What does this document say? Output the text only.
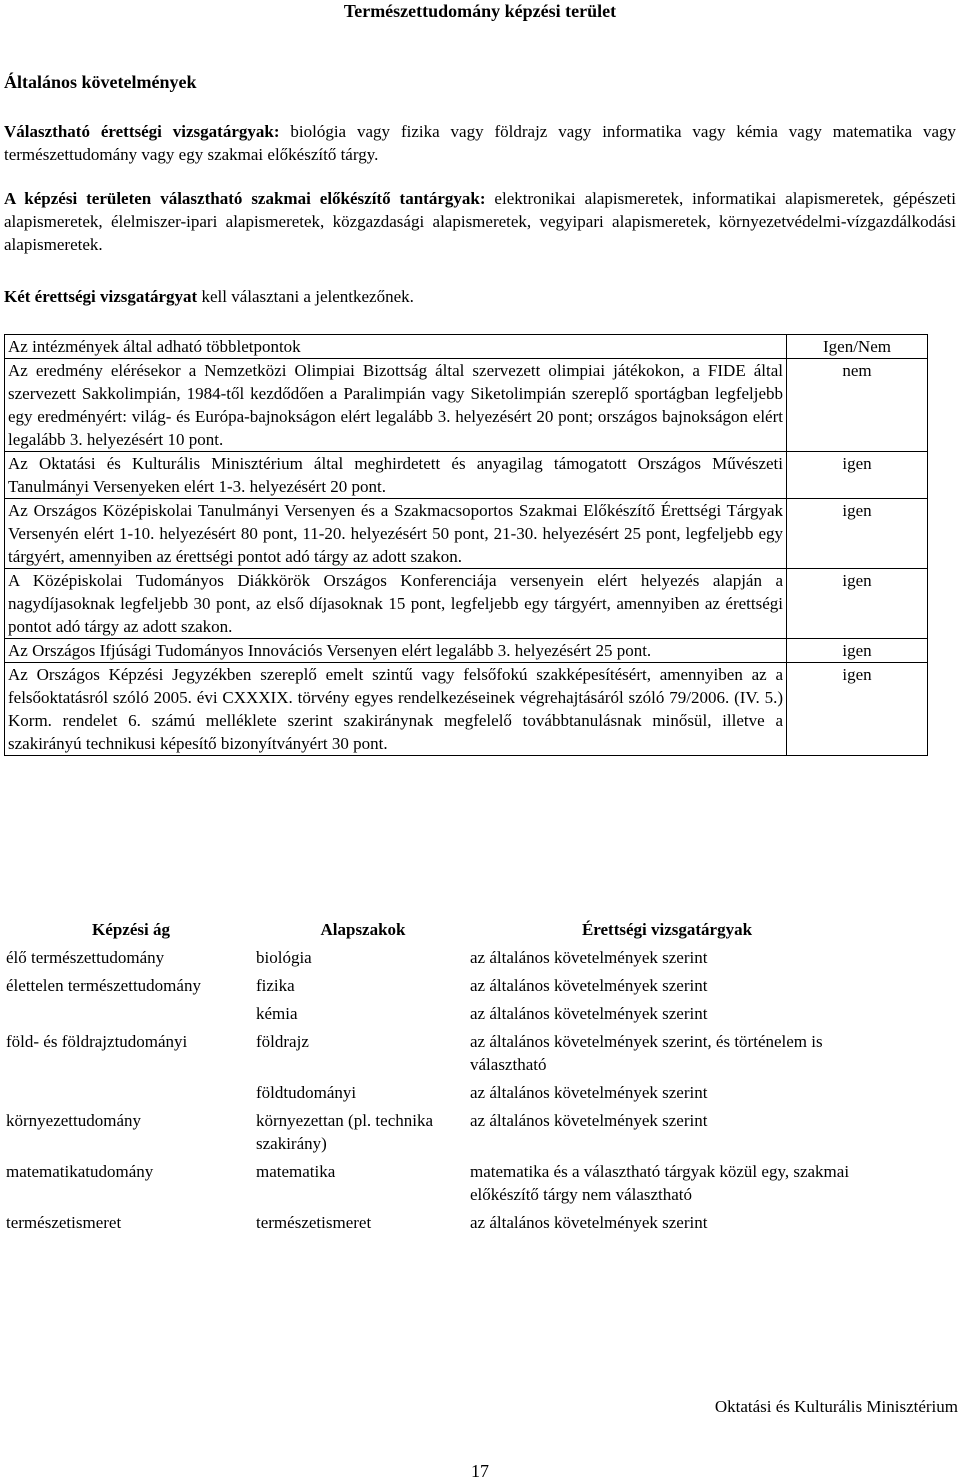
Természettudomány képzési terület
Általános követelmények
Választható érettségi vizsgatárgyak: biológia vagy fizika vagy földrajz vagy informatika vagy kémia vagy matematika vagy természettudomány vagy egy szakmai előkészítő tárgy.
A képzési területen választható szakmai előkészítő tantárgyak: elektronikai alapismeretek, informatikai alapismeretek, gépészeti alapismeretek, élelmiszer-ipari alapismeretek, közgazdasági alapismeretek, vegyipari alapismeretek, környezetvédelmi-vízgazdálkodási alapismeretek.
Két érettségi vizsgatárgyat kell választani a jelentkezőnek.
Az intézmények által adható többletpontok	Igen/Nem
Az eredmény elérésekor a Nemzetközi Olimpiai Bizottság által szervezett olimpiai játékokon, a FIDE által szervezett Sakkolimpián, 1984-től kezdődően a Paralimpián vagy Siketolimpián szereplő sportágban legfeljebb egy eredményért: világ- és Európa-bajnokságon elért legalább 3. helyezésért 20 pont; országos bajnokságon elért legalább 3. helyezésért 10 pont.	nem
Az Oktatási és Kulturális Minisztérium által meghirdetett és anyagilag támogatott Országos Művészeti Tanulmányi Versenyeken elért 1-3. helyezésért 20 pont.	igen
Az Országos Középiskolai Tanulmányi Versenyen és a Szakmacsoportos Szakmai Előkészítő Érettségi Tárgyak Versenyén elért 1-10. helyezésért 80 pont, 11-20. helyezésért 50 pont, 21-30. helyezésért 25 pont, legfeljebb egy tárgyért, amennyiben az érettségi pontot adó tárgy az adott szakon.	igen
A Középiskolai Tudományos Diákkörök Országos Konferenciája versenyein elért helyezés alapján a nagydíjasoknak legfeljebb 30 pont, az első díjasoknak 15 pont, legfeljebb egy tárgyért, amennyiben az érettségi pontot adó tárgy az adott szakon.	igen
Az Országos Ifjúsági Tudományos Innovációs Versenyen elért legalább 3. helyezésért 25 pont.	igen
Az Országos Képzési Jegyzékben szereplő emelt szintű vagy felsőfokú szakképesítésért, amennyiben az a felsőoktatásról szóló 2005. évi CXXXIX. törvény egyes rendelkezéseinek végrehajtásáról szóló 79/2006. (IV. 5.) Korm. rendelet 6. számú melléklete szerint szakiránynak megfelelő továbbtanulásnak minősül, illetve a szakirányú technikusi képesítő bizonyítványért 30 pont.	igen
Képzési ág	Alapszakok	Érettségi vizsgatárgyak
élő természettudomány	biológia	az általános követelmények szerint
élettelen természettudomány	fizika	az általános követelmények szerint
	kémia	az általános követelmények szerint
föld- és földrajztudományi	földrajz	az általános követelmények szerint, és történelem is választható
	földtudományi	az általános követelmények szerint
környezettudomány	környezettan (pl. technika szakirány)	az általános követelmények szerint
matematikatudomány	matematika	matematika és a választható tárgyak közül egy, szakmai előkészítő tárgy nem választható
természetismeret	természetismeret	az általános követelmények szerint
Oktatási és Kulturális Minisztérium
17
